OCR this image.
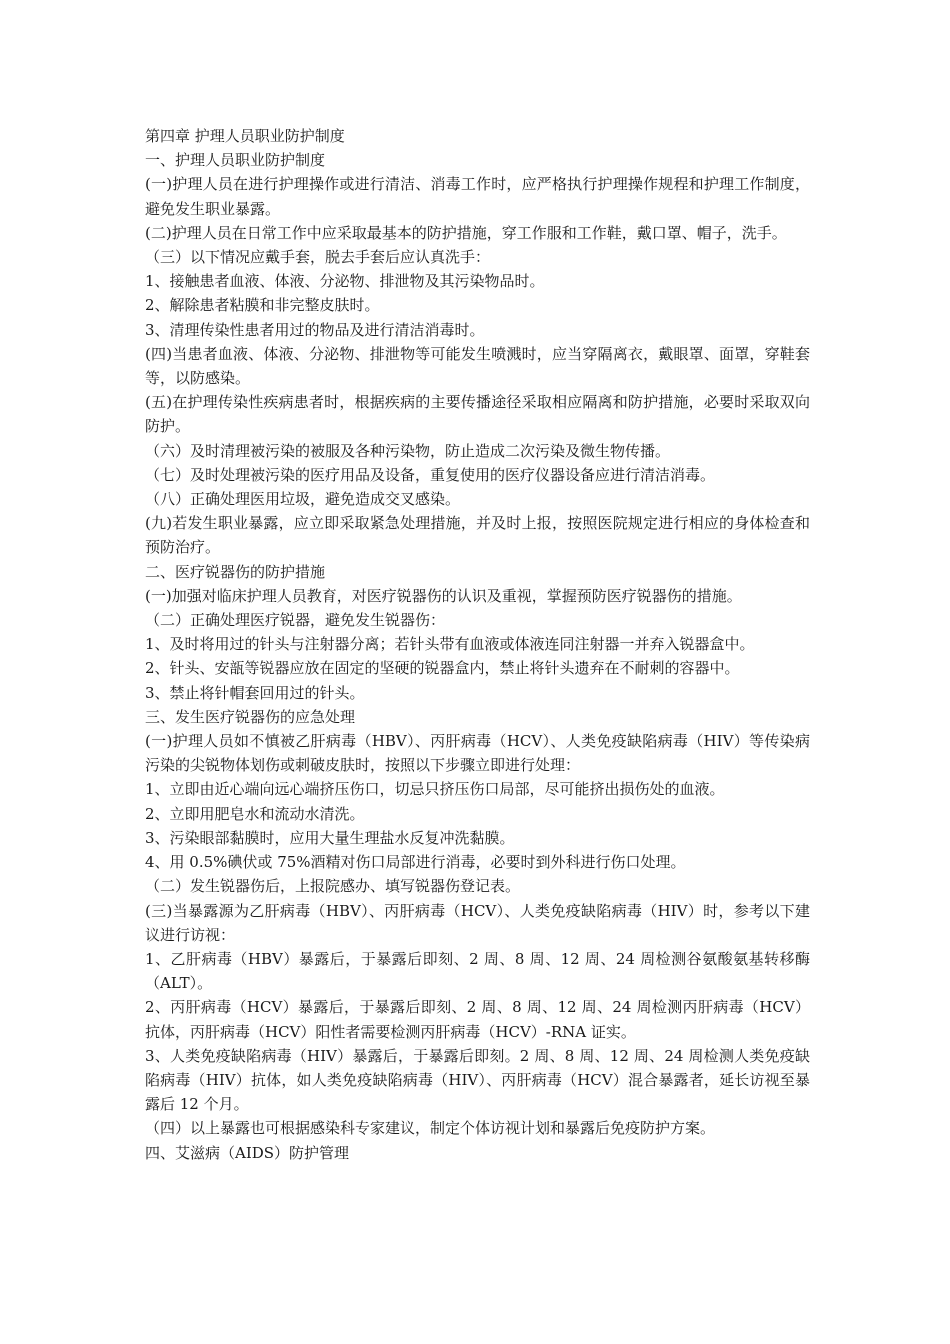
第四章 护理人员职业防护制度

一、护理人员职业防护制度

(一)护理人员在进行护理操作或进行清洁、消毒工作时，应严格执行护理操作规程和护理工作制度，避免发生职业暴露。

(二)护理人员在日常工作中应采取最基本的防护措施，穿工作服和工作鞋，戴口罩、帽子，洗手。

（三）以下情况应戴手套，脱去手套后应认真洗手：

1、接触患者血液、体液、分泌物、排泄物及其污染物品时。

2、解除患者粘膜和非完整皮肤时。

3、清理传染性患者用过的物品及进行清洁消毒时。

(四)当患者血液、体液、分泌物、排泄物等可能发生喷溅时，应当穿隔离衣，戴眼罩、面罩，穿鞋套等，以防感染。

(五)在护理传染性疾病患者时，根据疾病的主要传播途径采取相应隔离和防护措施，必要时采取双向防护。

（六）及时清理被污染的被服及各种污染物，防止造成二次污染及微生物传播。

（七）及时处理被污染的医疗用品及设备，重复使用的医疗仪器设备应进行清洁消毒。

（八）正确处理医用垃圾，避免造成交叉感染。

(九)若发生职业暴露，应立即采取紧急处理措施，并及时上报，按照医院规定进行相应的身体检查和预防治疗。

二、医疗锐器伤的防护措施

(一)加强对临床护理人员教育，对医疗锐器伤的认识及重视，掌握预防医疗锐器伤的措施。

（二）正确处理医疗锐器，避免发生锐器伤：

1、及时将用过的针头与注射器分离；若针头带有血液或体液连同注射器一并弃入锐器盒中。

2、针头、安瓿等锐器应放在固定的坚硬的锐器盒内，禁止将针头遗弃在不耐刺的容器中。

3、禁止将针帽套回用过的针头。

三、发生医疗锐器伤的应急处理

(一)护理人员如不慎被乙肝病毒（HBV）、丙肝病毒（HCV）、人类免疫缺陷病毒（HIV）等传染病污染的尖锐物体划伤或刺破皮肤时，按照以下步骤立即进行处理：

1、立即由近心端向远心端挤压伤口，切忌只挤压伤口局部，尽可能挤出损伤处的血液。

2、立即用肥皂水和流动水清洗。

3、污染眼部黏膜时，应用大量生理盐水反复冲洗黏膜。

4、用 0.5%碘伏或 75%酒精对伤口局部进行消毒，必要时到外科进行伤口处理。

（二）发生锐器伤后，上报院感办、填写锐器伤登记表。

(三)当暴露源为乙肝病毒（HBV）、丙肝病毒（HCV）、人类免疫缺陷病毒（HIV）时，参考以下建议进行访视：

1、乙肝病毒（HBV）暴露后，于暴露后即刻、2 周、8 周、12 周、24 周检测谷氨酸氨基转移酶（ALT）。

2、丙肝病毒（HCV）暴露后，于暴露后即刻、2 周、8 周、12 周、24 周检测丙肝病毒（HCV）抗体，丙肝病毒（HCV）阳性者需要检测丙肝病毒（HCV）-RNA 证实。

3、人类免疫缺陷病毒（HIV）暴露后，于暴露后即刻。2 周、8 周、12 周、24 周检测人类免疫缺陷病毒（HIV）抗体，如人类免疫缺陷病毒（HIV）、丙肝病毒（HCV）混合暴露者，延长访视至暴露后 12 个月。

（四）以上暴露也可根据感染科专家建议，制定个体访视计划和暴露后免疫防护方案。

四、艾滋病（AIDS）防护管理
